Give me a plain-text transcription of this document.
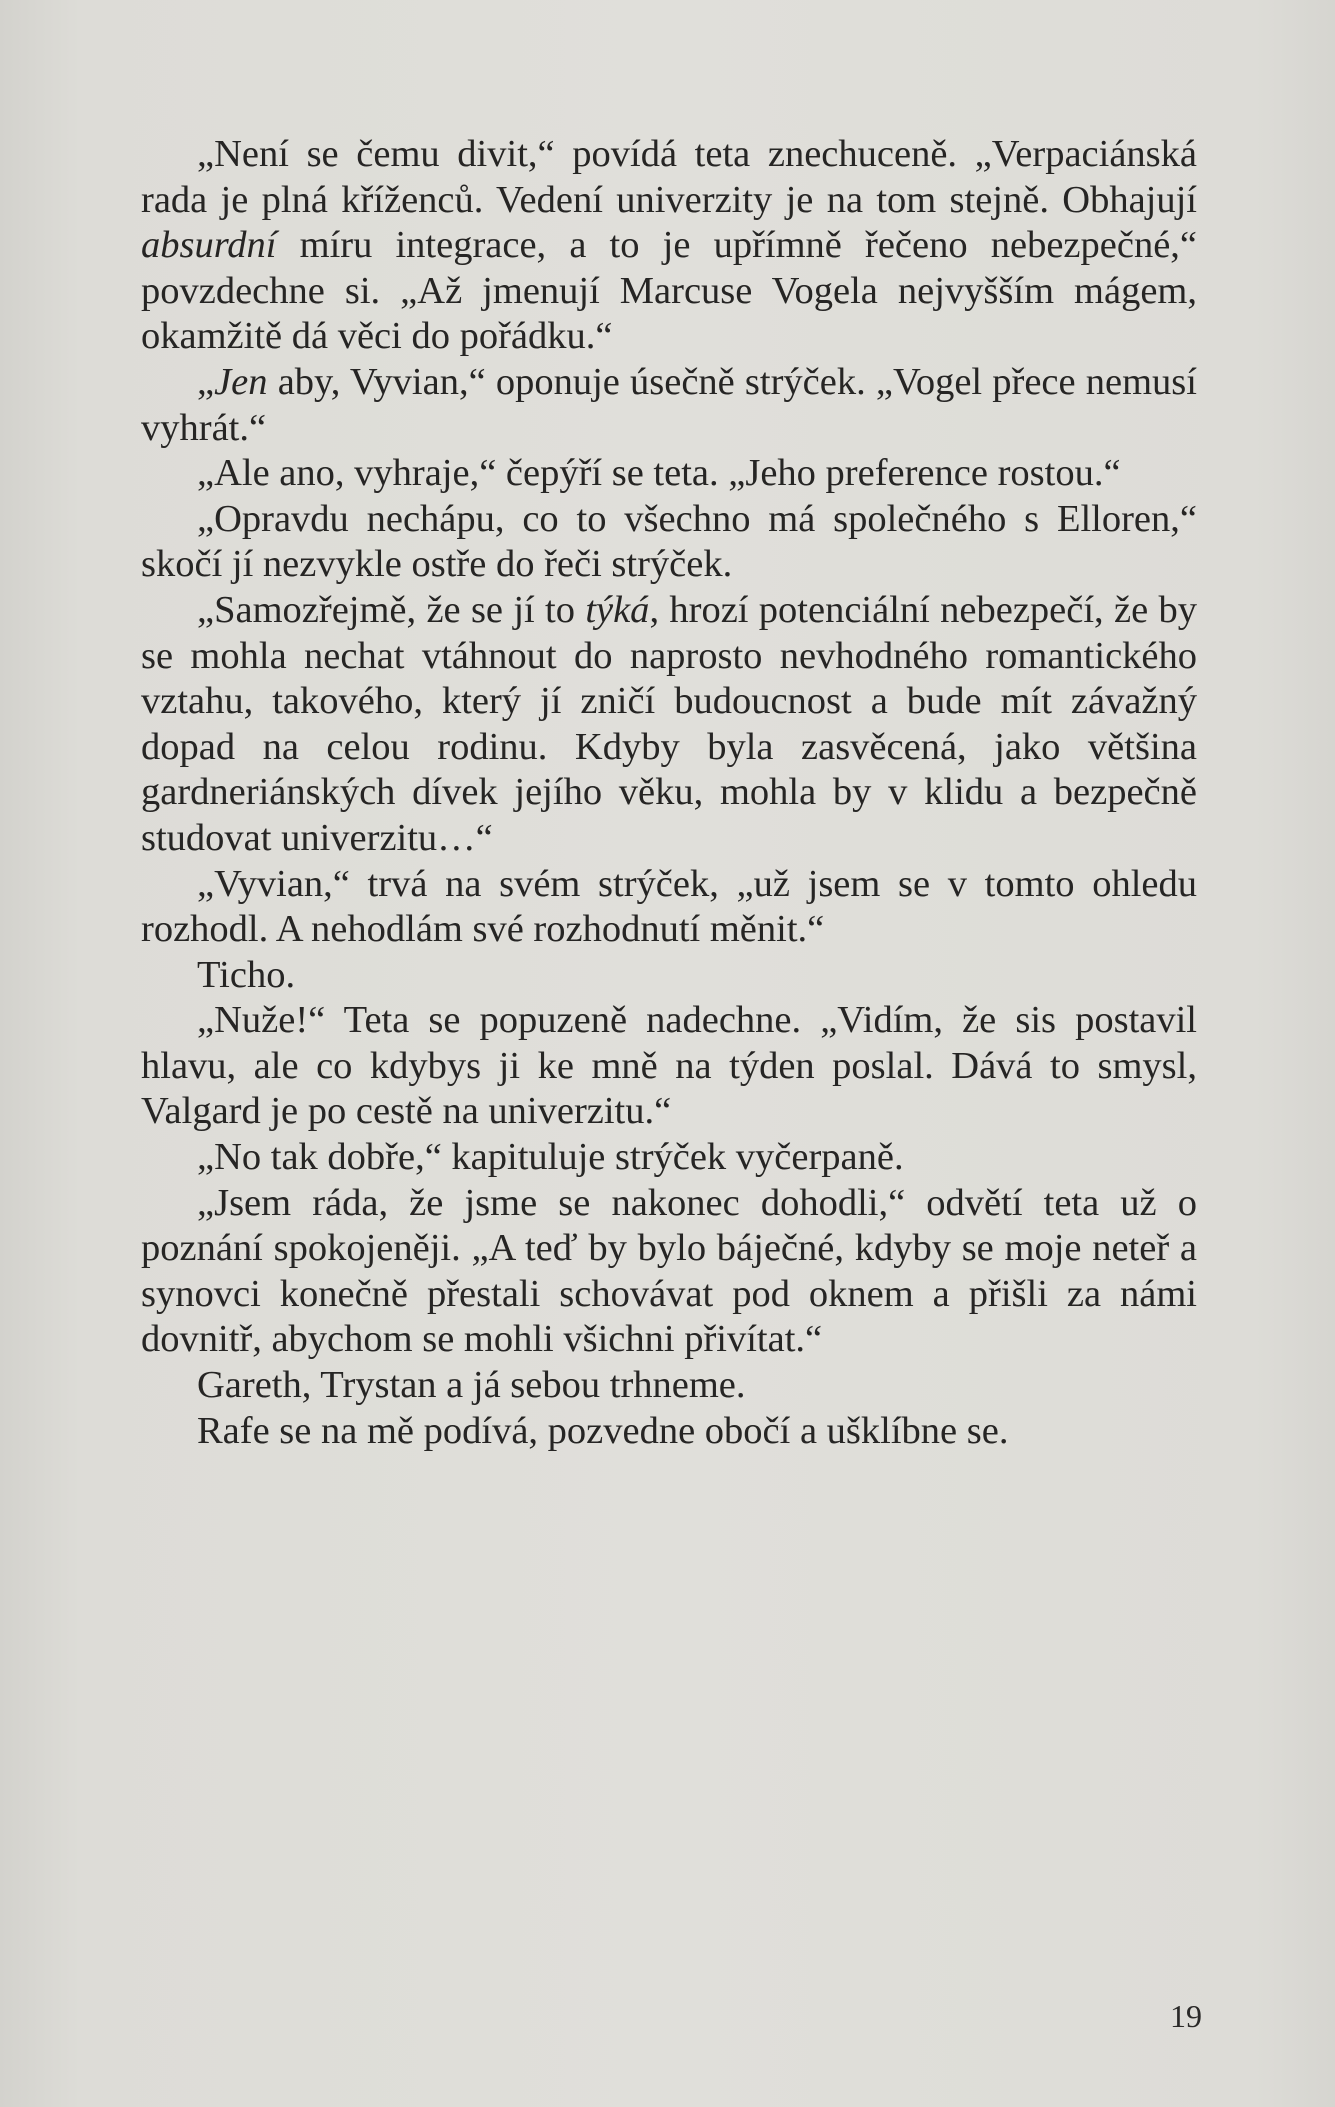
„Není se čemu divit,“ povídá teta znechuceně. „Verpaciánská rada je plná kříženců. Vedení univerzity je na tom stejně. Obhajují absurdní míru integrace, a to je upřímně řečeno nebezpečné,“ povzdechne si. „Až jmenují Marcuse Vogela nejvyšším mágem, okamžitě dá věci do pořádku.“

„Jen aby, Vyvian,“ oponuje úsečně strýček. „Vogel přece nemusí vyhrát.“

„Ale ano, vyhraje,“ čepýří se teta. „Jeho preference rostou.“

„Opravdu nechápu, co to všechno má společného s Elloren,“ skočí jí nezvykle ostře do řeči strýček.

„Samozřejmě, že se jí to týká, hrozí potenciální nebezpečí, že by se mohla nechat vtáhnout do naprosto nevhodného romantického vztahu, takového, který jí zničí budoucnost a bude mít závažný dopad na celou rodinu. Kdyby byla zasvěcená, jako většina gardneriánských dívek jejího věku, mohla by v klidu a bezpečně studovat univerzitu…“

„Vyvian,“ trvá na svém strýček, „už jsem se v tomto ohledu rozhodl. A nehodlám své rozhodnutí měnit.“

Ticho.

„Nuže!“ Teta se popuzeně nadechne. „Vidím, že sis postavil hlavu, ale co kdybys ji ke mně na týden poslal. Dává to smysl, Valgard je po cestě na univerzitu.“

„No tak dobře,“ kapituluje strýček vyčerpaně.

„Jsem ráda, že jsme se nakonec dohodli,“ odvětí teta už o poznání spokojeněji. „A teď by bylo báječné, kdyby se moje neteř a synovci konečně přestali schovávat pod oknem a přišli za námi dovnitř, abychom se mohli všichni přivítat.“

Gareth, Trystan a já sebou trhneme.

Rafe se na mě podívá, pozvedne obočí a ušklíbne se.

19
